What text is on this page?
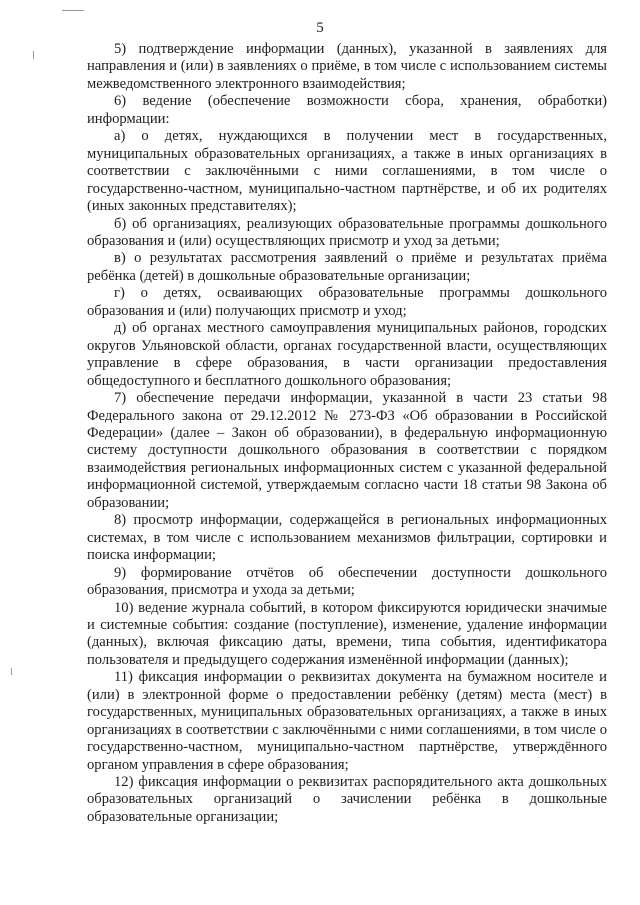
5

5) подтверждение информации (данных), указанной в заявлениях для направления и (или) в заявлениях о приёме, в том числе с использованием системы межведомственного электронного взаимодействия;

6) ведение (обеспечение возможности сбора, хранения, обработки) информации:

а) о детях, нуждающихся в получении мест в государственных, муниципальных образовательных организациях, а также в иных организациях в соответствии с заключёнными с ними соглашениями, в том числе о государственно-частном, муниципально-частном партнёрстве, и об их родителях (иных законных представителях);

б) об организациях, реализующих образовательные программы дошкольного образования и (или) осуществляющих присмотр и уход за детьми;

в) о результатах рассмотрения заявлений о приёме и результатах приёма ребёнка (детей) в дошкольные образовательные организации;

г) о детях, осваивающих образовательные программы дошкольного образования и (или) получающих присмотр и уход;

д) об органах местного самоуправления муниципальных районов, городских округов Ульяновской области, органах государственной власти, осуществляющих управление в сфере образования, в части организации предоставления общедоступного и бесплатного дошкольного образования;

7) обеспечение передачи информации, указанной в части 23 статьи 98 Федерального закона от 29.12.2012 № 273-ФЗ «Об образовании в Российской Федерации» (далее – Закон об образовании), в федеральную информационную систему доступности дошкольного образования в соответствии с порядком взаимодействия региональных информационных систем с указанной федеральной информационной системой, утверждаемым согласно части 18 статьи 98 Закона об образовании;

8) просмотр информации, содержащейся в региональных информационных системах, в том числе с использованием механизмов фильтрации, сортировки и поиска информации;

9) формирование отчётов об обеспечении доступности дошкольного образования, присмотра и ухода за детьми;

10) ведение журнала событий, в котором фиксируются юридически значимые и системные события: создание (поступление), изменение, удаление информации (данных), включая фиксацию даты, времени, типа события, идентификатора пользователя и предыдущего содержания изменённой информации (данных);

11) фиксация информации о реквизитах документа на бумажном носителе и (или) в электронной форме о предоставлении ребёнку (детям) места (мест) в государственных, муниципальных образовательных организациях, а также в иных организациях в соответствии с заключёнными с ними соглашениями, в том числе о государственно-частном, муниципально-частном партнёрстве, утверждённого органом управления в сфере образования;

12) фиксация информации о реквизитах распорядительного акта дошкольных образовательных организаций о зачислении ребёнка в дошкольные образовательные организации;
